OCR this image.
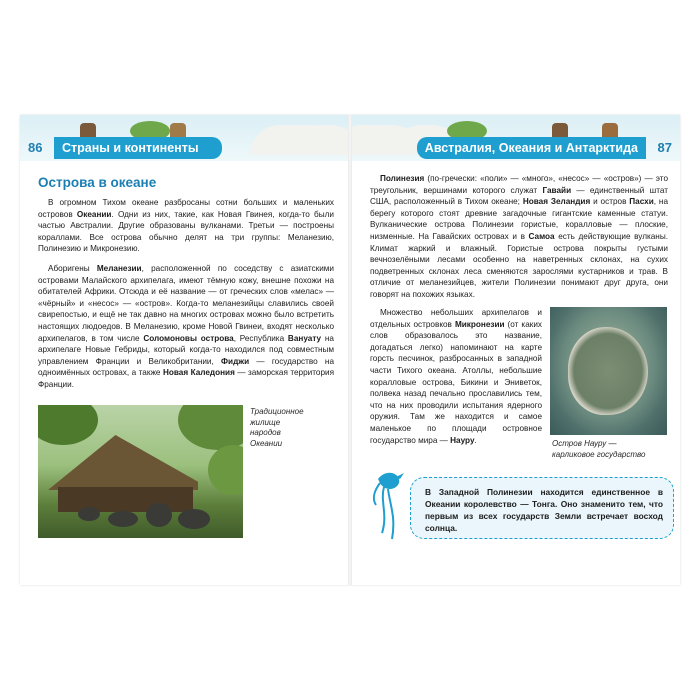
86	Страны и континенты
Острова в океане

В огромном Тихом океане разбросаны сотни больших и маленьких островов Океании. Одни из них, такие, как Новая Гвинея, когда-то были частью Австралии. Другие образованы вулканами. Третьи — построены кораллами. Все острова обычно делят на три группы: Меланезию, Полинезию и Микронезию.

Аборигены Меланезии, расположенной по соседству с азиатскими островами Малайского архипелага, имеют тёмную кожу, внешне похожи на обитателей Африки. Отсюда и её название — от греческих слов «мелас» — «чёрный» и «несос» — «остров». Когда-то меланезийцы славились своей свирепостью, и ещё не так давно на многих островах можно было встретить настоящих людоедов. В Меланезию, кроме Новой Гвинеи, входят несколько архипелагов, в том числе Соломоновы острова, Республика Вануату на архипелаге Новые Гебриды, который когда-то находился под совместным управлением Франции и Великобритании, Фиджи — государство на одноимённых островах, а также Новая Каледония — заморская территория Франции.

Традиционное
жилище
народов
Океании
Австралия, Океания и Антарктида	87

Полинезия (по-гречески: «поли» — «много», «несос» — «остров») — это треугольник, вершинами которого служат Гавайи — единственный штат США, расположенный в Тихом океане; Новая Зеландия и остров Пасхи, на берегу которого стоят древние загадочные гигантские каменные статуи. Вулканические острова Полинезии гористые, коралловые — плоские, низменные. На Гавайских островах и в Самоа есть действующие вулканы. Климат жаркий и влажный. Гористые острова покрыты густыми вечнозелёными лесами особенно на наветренных склонах, на сухих подветренных склонах леса сменяются зарослями кустарников и трав. В отличие от меланезийцев, жители Полинезии понимают друг друга, они говорят на похожих языках.

Множество небольших архипелагов и отдельных островков Микронезии (от каких слов образовалось это название, догадаться легко) напоминают на карте горсть песчинок, разбросанных в западной части Тихого океана. Атоллы, небольшие коралловые острова, Бикини и Эниветок, полвека назад печально прославились тем, что на них проводили испытания ядерного оружия. Там же находится и самое маленькое по площади островное государство мира — Науру.	Остров Науру —
карликовое государство
В Западной Полинезии находится единственное в Океании королевство — Тонга. Оно знаменито тем, что первым из всех государств Земли встречает восход солнца.
